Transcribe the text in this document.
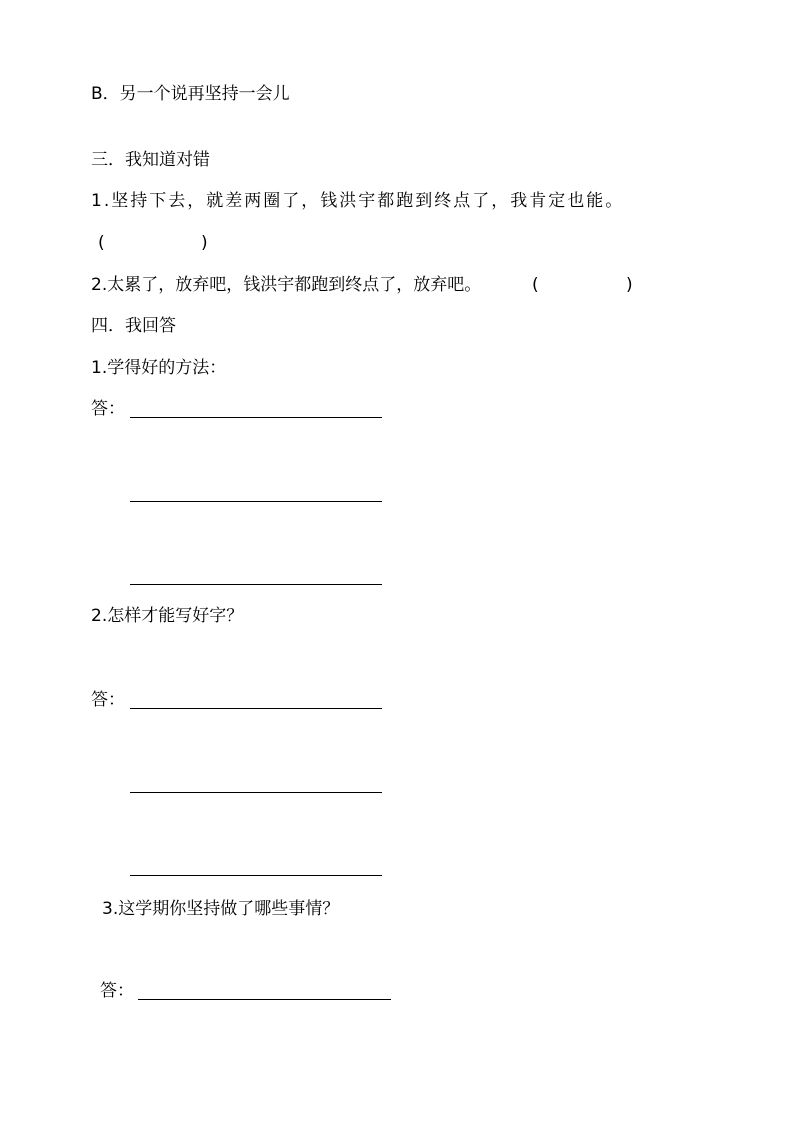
B．另一个说再坚持一会儿
三．我知道对错
1.坚持下去，就差两圈了，钱洪宇都跑到终点了，我肯定也能。
(	)
2.太累了，放弃吧，钱洪宇都跑到终点了，放弃吧。	(	)
四．我回答
1.学得好的方法：
答：
2.怎样才能写好字？
答：
3.这学期你坚持做了哪些事情？
答：
